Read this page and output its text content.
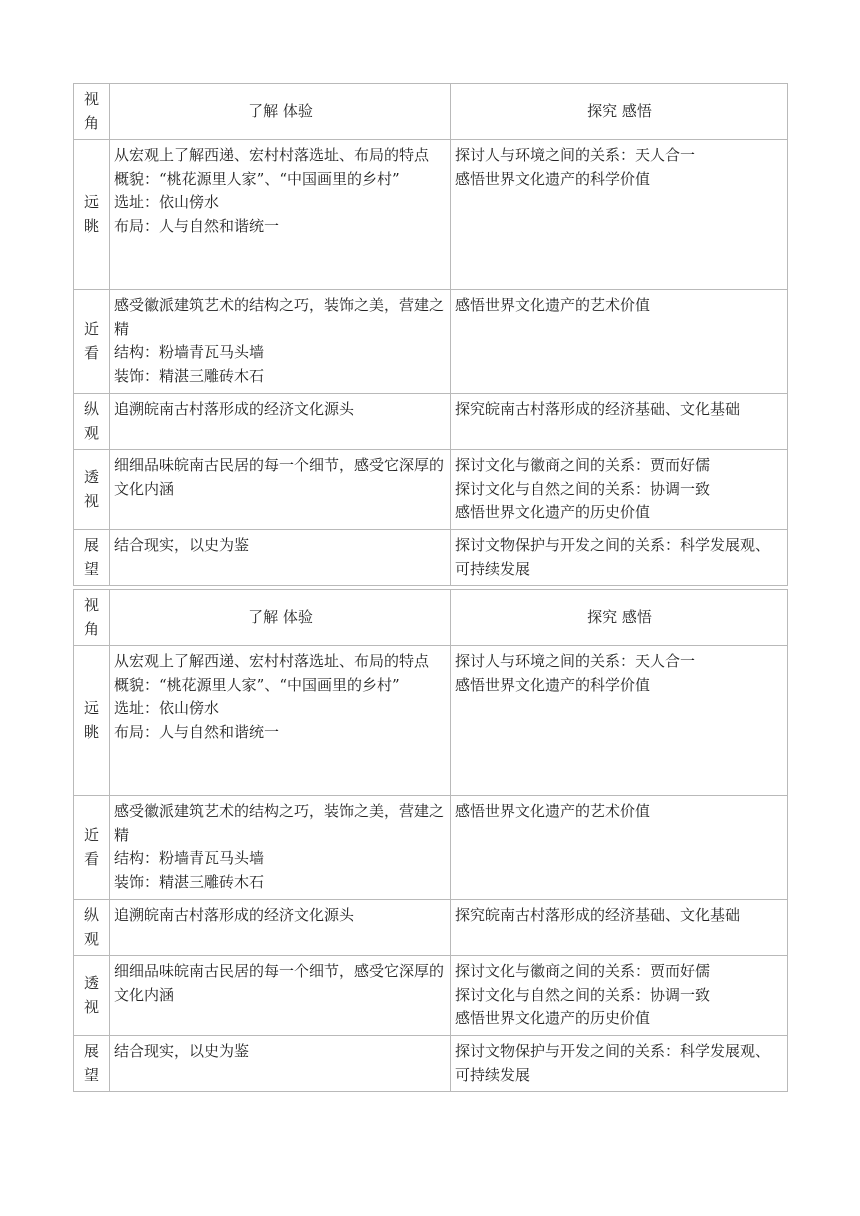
视
角	了解 体验	探究 感悟

远
眺	从宏观上了解西递、宏村村落选址、布局的特点
概貌：“桃花源里人家”、“中国画里的乡村”
选址：依山傍水
布局：人与自然和谐统一	探讨人与环境之间的关系：天人合一
感悟世界文化遗产的科学价值

近
看	感受徽派建筑艺术的结构之巧，装饰之美，营建之精
结构：粉墙青瓦马头墙
装饰：精湛三雕砖木石	感悟世界文化遗产的艺术价值

纵
观	追溯皖南古村落形成的经济文化源头	探究皖南古村落形成的经济基础、文化基础

透
视	细细品味皖南古民居的每一个细节，感受它深厚的文化内涵	探讨文化与徽商之间的关系：贾而好儒
探讨文化与自然之间的关系：协调一致
感悟世界文化遗产的历史价值

展
望	结合现实，以史为鉴	探讨文物保护与开发之间的关系：科学发展观、可持续发展
视
角	了解 体验	探究 感悟

远
眺	从宏观上了解西递、宏村村落选址、布局的特点
概貌：“桃花源里人家”、“中国画里的乡村”
选址：依山傍水
布局：人与自然和谐统一	探讨人与环境之间的关系：天人合一
感悟世界文化遗产的科学价值

近
看	感受徽派建筑艺术的结构之巧，装饰之美，营建之精
结构：粉墙青瓦马头墙
装饰：精湛三雕砖木石	感悟世界文化遗产的艺术价值

纵
观	追溯皖南古村落形成的经济文化源头	探究皖南古村落形成的经济基础、文化基础

透
视	细细品味皖南古民居的每一个细节，感受它深厚的文化内涵	探讨文化与徽商之间的关系：贾而好儒
探讨文化与自然之间的关系：协调一致
感悟世界文化遗产的历史价值

展
望	结合现实，以史为鉴	探讨文物保护与开发之间的关系：科学发展观、可持续发展
